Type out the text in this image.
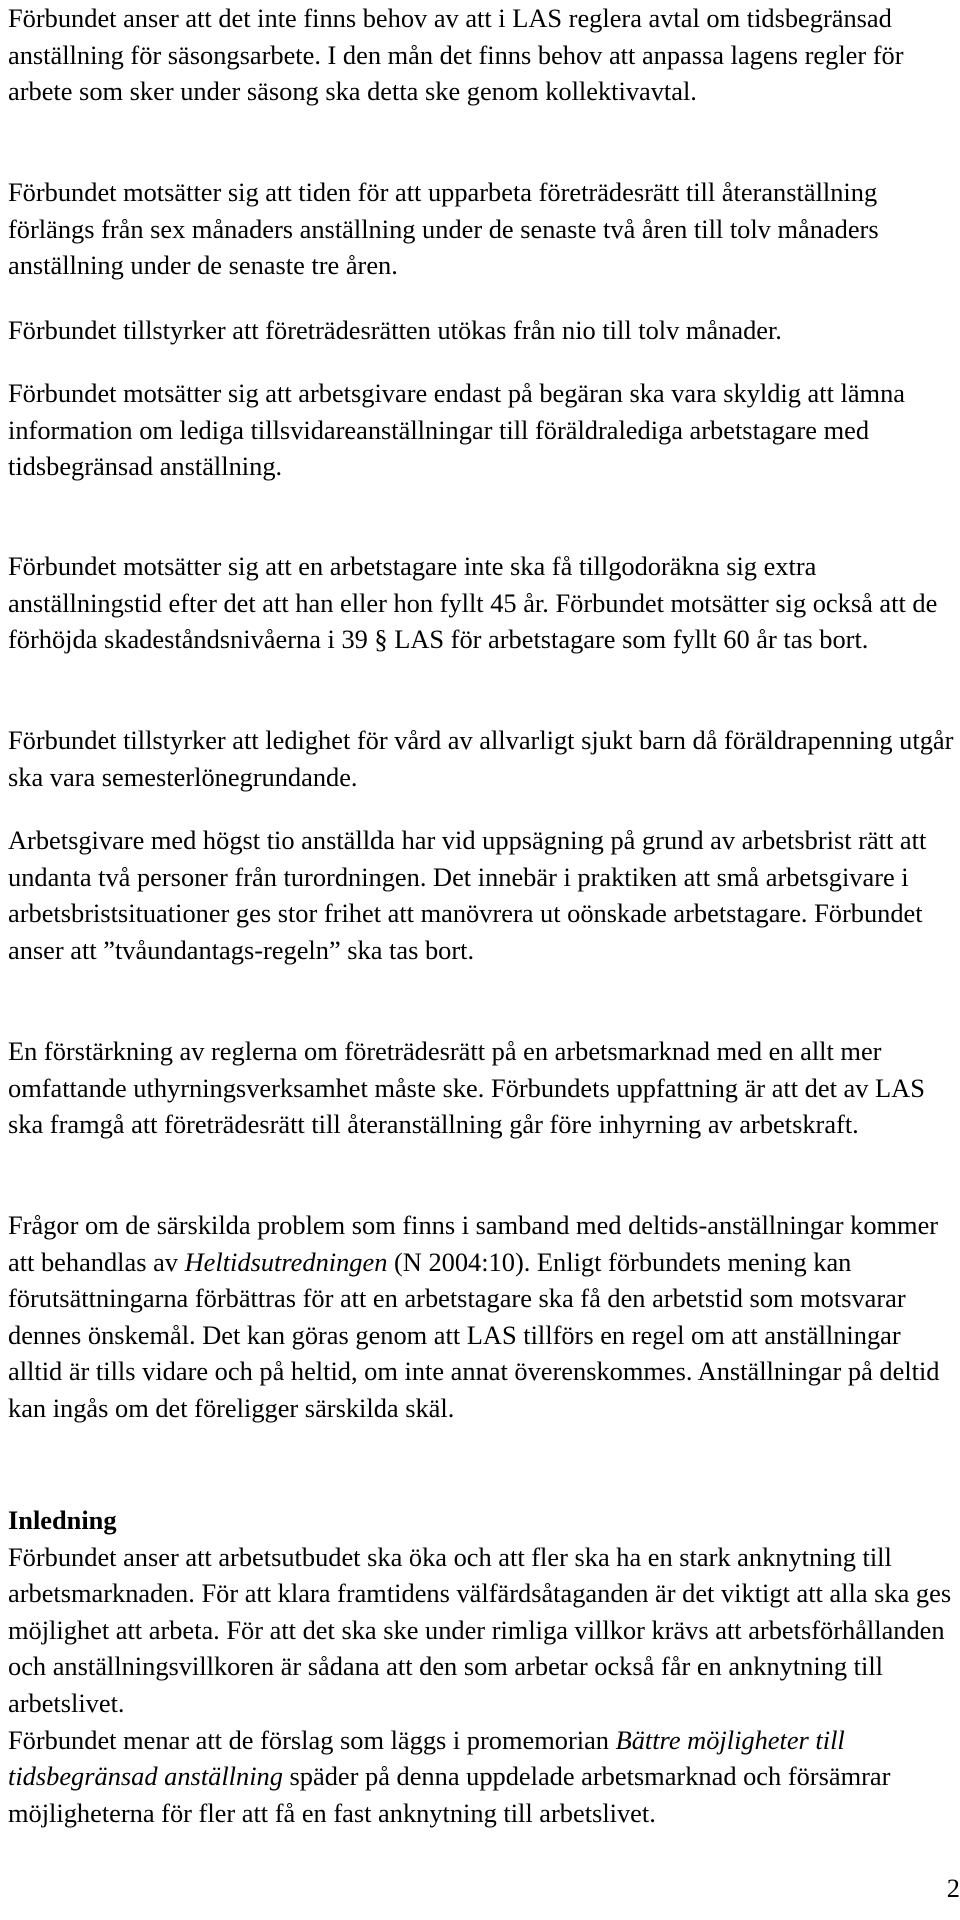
Förbundet anser att det inte finns behov av att i LAS reglera avtal om tidsbegränsad anställning för säsongsarbete. I den mån det finns behov att anpassa lagens regler för arbete som sker under säsong ska detta ske genom kollektivavtal.

Förbundet motsätter sig att tiden för att upparbeta företrädesrätt till återanställning förlängs från sex månaders anställning under de senaste två åren till tolv månaders anställning under de senaste tre åren.

Förbundet tillstyrker att företrädesrätten utökas från nio till tolv månader.

Förbundet motsätter sig att arbetsgivare endast på begäran ska vara skyldig att lämna information om lediga tillsvidareanställningar till föräldralediga arbetstagare med tidsbegränsad anställning.

Förbundet motsätter sig att en arbetstagare inte ska få tillgodoräkna sig extra anställningstid efter det att han eller hon fyllt 45 år. Förbundet motsätter sig också att de förhöjda skadeståndsnivåerna i 39 § LAS för arbetstagare som fyllt 60 år tas bort.

Förbundet tillstyrker att ledighet för vård av allvarligt sjukt barn då föräldrapenning utgår ska vara semesterlönegrundande.

Arbetsgivare med högst tio anställda har vid uppsägning på grund av arbetsbrist rätt att undanta två personer från turordningen. Det innebär i praktiken att små arbetsgivare i arbetsbristsituationer ges stor frihet att manövrera ut oönskade arbetstagare. Förbundet anser att ”tvåundantags-regeln” ska tas bort.

En förstärkning av reglerna om företrädesrätt på en arbetsmarknad med en allt mer omfattande uthyrningsverksamhet måste ske. Förbundets uppfattning är att det av LAS ska framgå att företrädesrätt till återanställning går före inhyrning av arbetskraft.

Frågor om de särskilda problem som finns i samband med deltids-anställningar kommer att behandlas av Heltidsutredningen (N 2004:10). Enligt förbundets mening kan förutsättningarna förbättras för att en arbetstagare ska få den arbetstid som motsvarar dennes önskemål. Det kan göras genom att LAS tillförs en regel om att anställningar alltid är tills vidare och på heltid, om inte annat överenskommes. Anställningar på deltid kan ingås om det föreligger särskilda skäl.

Inledning
Förbundet anser att arbetsutbudet ska öka och att fler ska ha en stark anknytning till arbetsmarknaden. För att klara framtidens välfärdsåtaganden är det viktigt att alla ska ges möjlighet att arbeta. För att det ska ske under rimliga villkor krävs att arbetsförhållanden och anställningsvillkoren är sådana att den som arbetar också får en anknytning till arbetslivet.
Förbundet menar att de förslag som läggs i promemorian Bättre möjligheter till tidsbegränsad anställning späder på denna uppdelade arbetsmarknad och försämrar möjligheterna för fler att få en fast anknytning till arbetslivet.
2
